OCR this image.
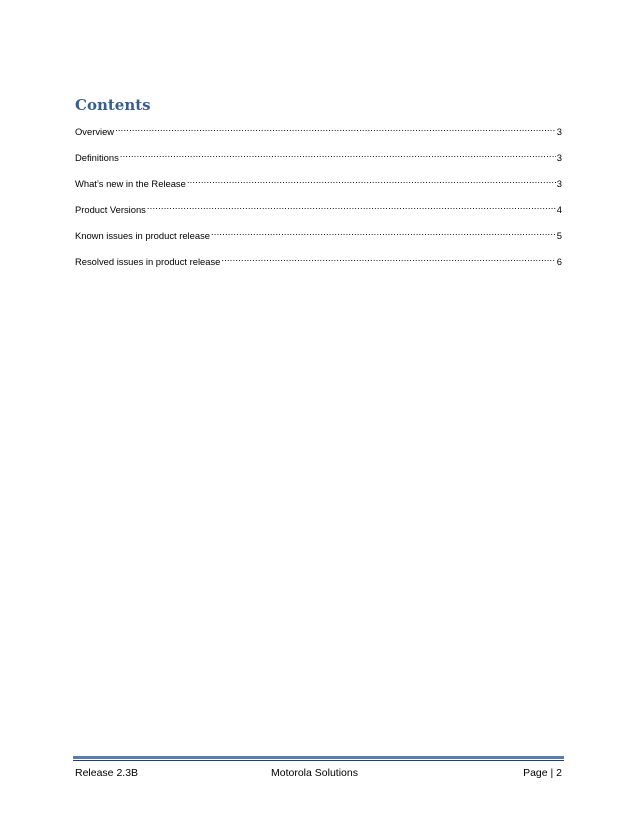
Contents
Overview .....	3
Definitions .....	3
What’s new in the Release .....	3
Product Versions .....	4
Known issues in product release .....	5
Resolved issues in product release .....	6
Release 2.3B	Motorola Solutions	Page | 2
